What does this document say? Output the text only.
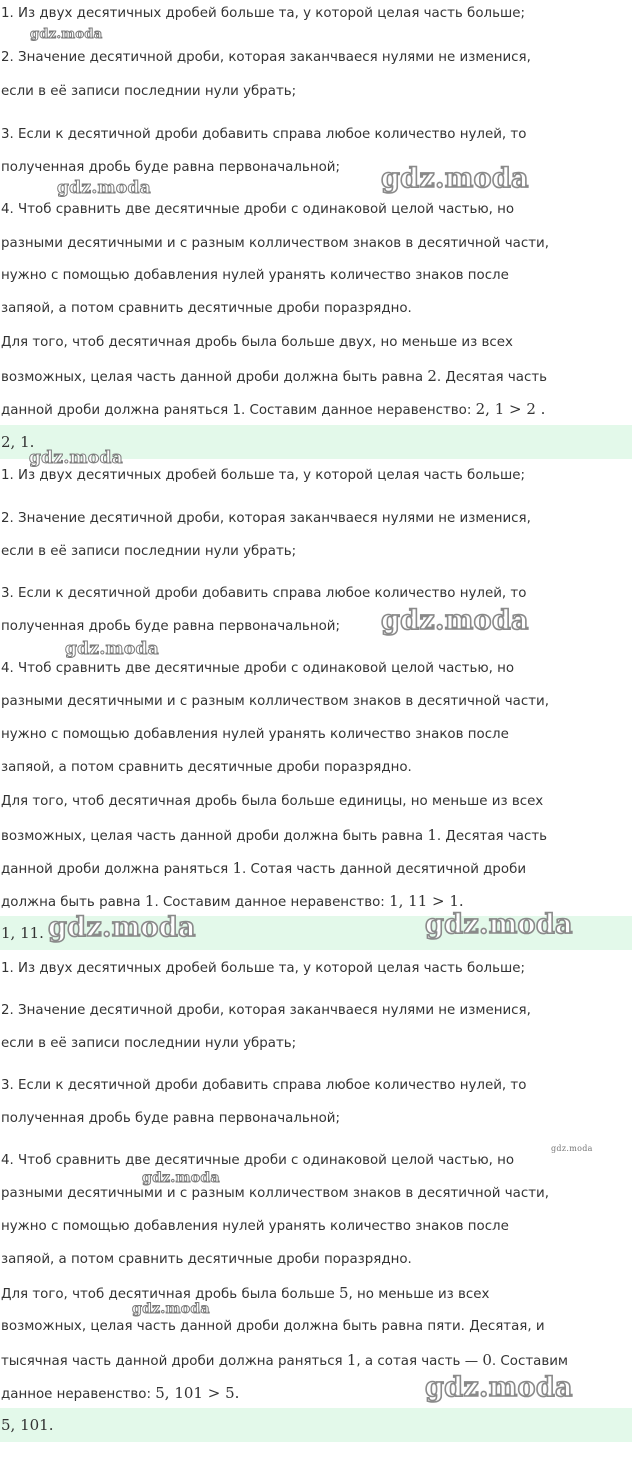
1. Из двух десятичных дробей больше та, у которой целая часть больше;
2. Значение десятичной дроби, которая заканчваеся нулями не изменися,
если в её записи последнии нули убрать;
3. Если к десятичной дроби добавить справа любое количество нулей, то
полученная дробь буде равна первоначальной;
4. Чтоб сравнить две десятичные дроби с одинаковой целой частью, но
разными десятичными и с разным колличеством знаков в десятичной части,
нужно с помощью добавления нулей уранять количество знаков после
запяой, а потом сравнить десятичные дроби поразрядно.
Для того, чтоб десятичная дробь была больше двух, но меньше из всех
возможных, целая часть данной дроби должна быть равна 2. Десятая часть
данной дроби должна раняться 1. Составим данное неравенство: 2, 1 > 2 .
2, 1.
1. Из двух десятичных дробей больше та, у которой целая часть больше;
2. Значение десятичной дроби, которая заканчваеся нулями не изменися,
если в её записи последнии нули убрать;
3. Если к десятичной дроби добавить справа любое количество нулей, то
полученная дробь буде равна первоначальной;
4. Чтоб сравнить две десятичные дроби с одинаковой целой частью, но
разными десятичными и с разным колличеством знаков в десятичной части,
нужно с помощью добавления нулей уранять количество знаков после
запяой, а потом сравнить десятичные дроби поразрядно.
Для того, чтоб десятичная дробь была больше единицы, но меньше из всех
возможных, целая часть данной дроби должна быть равна 1. Десятая часть
данной дроби должна раняться 1. Сотая часть данной десятичной дроби
должна быть равна 1. Составим данное неравенство: 1, 11 > 1.
1, 11.
1. Из двух десятичных дробей больше та, у которой целая часть больше;
2. Значение десятичной дроби, которая заканчваеся нулями не изменися,
если в её записи последнии нули убрать;
3. Если к десятичной дроби добавить справа любое количество нулей, то
полученная дробь буде равна первоначальной;
4. Чтоб сравнить две десятичные дроби с одинаковой целой частью, но
разными десятичными и с разным колличеством знаков в десятичной части,
нужно с помощью добавления нулей уранять количество знаков после
запяой, а потом сравнить десятичные дроби поразрядно.
Для того, чтоб десятичная дробь была больше 5, но меньше из всех
возможных, целая часть данной дроби должна быть равна пяти. Десятая, и
тысячная часть данной дроби должна раняться 1, а сотая часть — 0. Составим
данное неравенство: 5, 101 > 5.
5, 101.
gdz.moda
gdz.moda	gdz.moda
gdz.moda
gdz.moda
gdz.moda
gdz.moda	gdz.moda
gdz.moda
gdz.moda
gdz.moda
gdz.moda
